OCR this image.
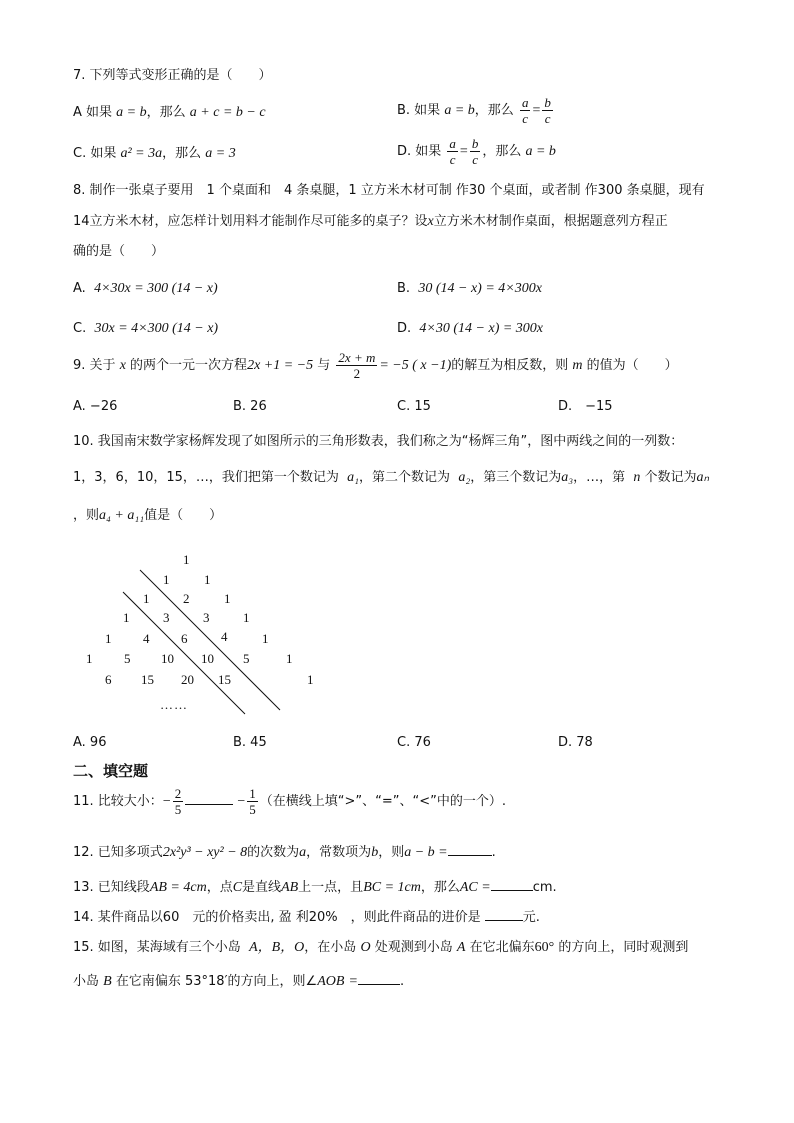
7. 下列等式变形正确的是（　　）
A 如果 a = b，那么 a + c = b − c	B. 如果 a = b，那么 $\frac{a}{c} = \frac{b}{c}$
C. 如果 a² = 3a，那么 a = 3	D. 如果 $\frac{a}{c} = \frac{b}{c}$ ，那么 a = b
8. 制作一张桌子要用　1 个桌面和　4 条桌腿，1 立方米木材可制 作30 个桌面，或者制 作300 条桌腿，现有
14立方米木材，应怎样计划用料才能制作尽可能多的桌子？设x立方米木材制作桌面，根据题意列方程正
确的是（　　）
A. 4×30x = 300 (14 − x)	B. 30 (14 − x) = 4×300x
C. 30x = 4×300 (14 − x)	D. 4×30 (14 − x) = 300x
9. 关于 x 的两个一元一次方程2x +1 = −5 与 $\frac{2x + m}{2} = -5$ ( x −1)的解互为相反数，则 m 的值为（　　）
A. −26	B. 26	C. 15	D.　−15
10. 我国南宋数学家杨辉发现了如图所示的三角形数表，我们称之为“杨辉三角”，图中两线之间的一列数：
1，3，6，10，15，…，我们把第一个数记为 a₁，第二个数记为 a₂，第三个数记为a₃，…，第 n 个数记为aₙ
，则a₄ + a₁₁值是（　　）
1
1	1
1	2	1
1	3	3	1
1 4 6	4	1
1 5 10 10 5	1
6 15 20 15	1
……
A. 96	B. 45	C. 76	D. 78
二、填空题
11. 比较大小：− $\frac{2}{5}$	− $\frac{1}{5}$ （在横线上填“>”、“=”、“<”中的一个）.
12. 已知多项式2x²y³ − xy² − 8的次数为a，常数项为b，则a − b =	.
13. 已知线段AB = 4cm，点C是直线AB上一点，且BC = 1cm，那么AC =	cm.
14. 某件商品以60　元的价格卖出, 盈 利20%　，则此件商品的进价是	元.
15. 如图，某海域有三个小岛 A，B，O，在小岛 O 处观测到小岛 A 在它北偏东60° 的方向上，同时观测到
小岛 B 在它南偏东 53°18′的方向上，则∠AOB =	.
